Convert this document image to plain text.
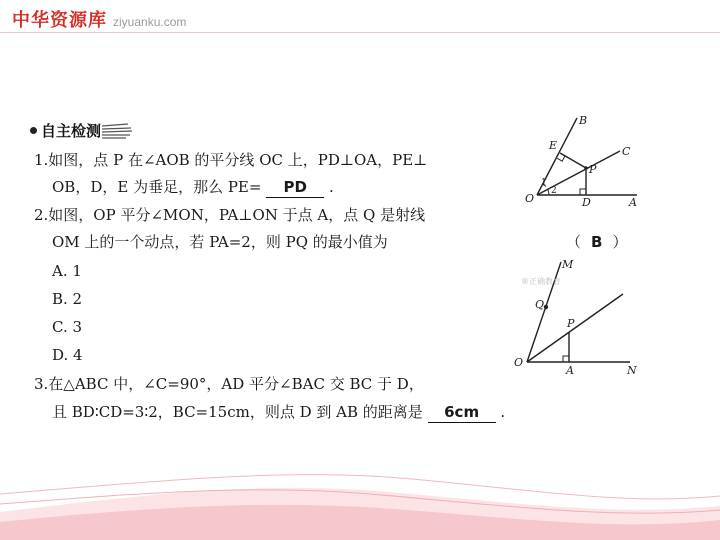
中华资源库 ziyuanku.com
自主检测
1.如图，点 P 在∠AOB 的平分线 OC 上，PD⊥OA，PE⊥
OB，D，E 为垂足，那么 PE= PD .
2.如图，OP 平分∠MON，PA⊥ON 于点 A，点 Q 是射线
OM 上的一个动点，若 PA=2，则 PQ 的最小值为	（ B ）
A. 1
B. 2
C. 3
D. 4
3.在△ABC 中，∠C=90°，AD 平分∠BAC 交 BC 于 D，
且 BD∶CD=3∶2，BC=15cm，则点 D 到 AB 的距离是 6cm .
B
C
E
P
O	D	A
1
2
M
Q
P
O
A	N
®正确教育
